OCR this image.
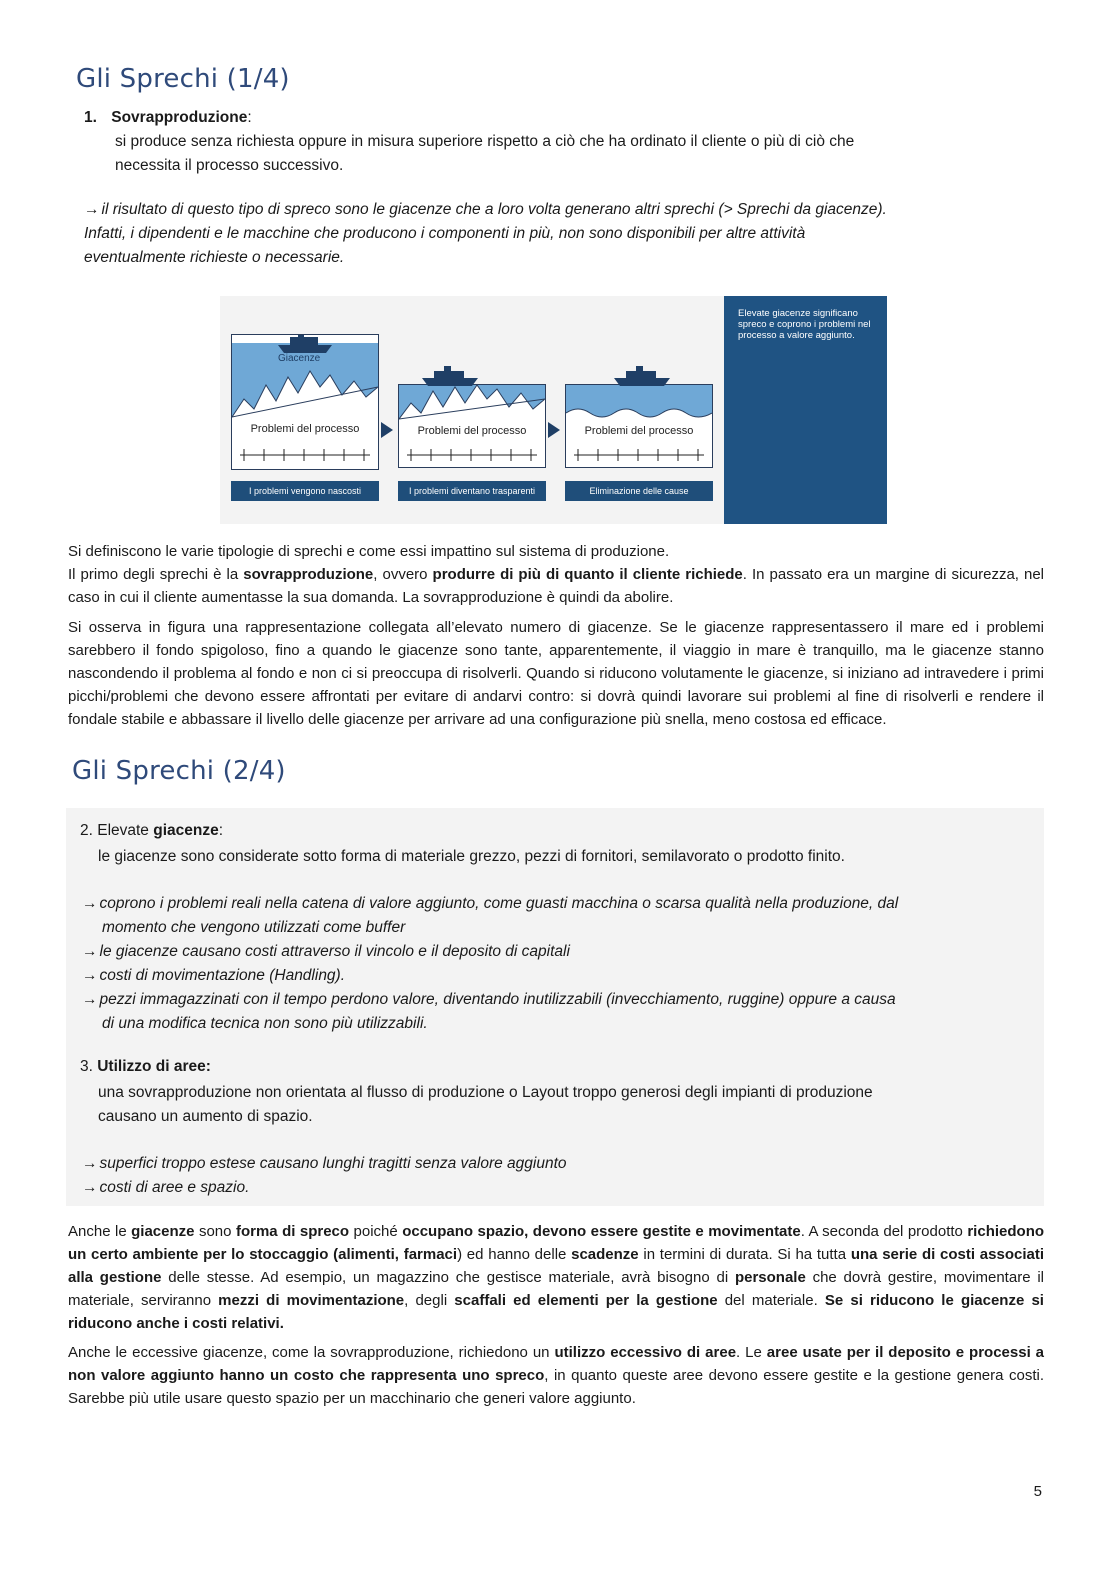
Gli Sprechi (1/4)
1. Sovrapproduzione:
si produce senza richiesta oppure in misura superiore rispetto a ciò che ha ordinato il cliente o più di ciò che
necessita il processo successivo.
→ il risultato di questo tipo di spreco sono le giacenze che a loro volta generano altri sprechi (> Sprechi da giacenze).
Infatti, i dipendenti e le macchine che producono i componenti in più, non sono disponibili per altre attività
eventualmente richieste o necessarie.
Giacenze
Problemi del processo	Problemi del processo	Problemi del processo
I problemi vengono nascosti	I problemi diventano trasparenti	Eliminazione delle cause
Elevate giacenze significano spreco e coprono i problemi nel processo a valore aggiunto.
Si definiscono le varie tipologie di sprechi e come essi impattino sul sistema di produzione.
Il primo degli sprechi è la sovrapproduzione, ovvero produrre di più di quanto il cliente richiede. In passato era un margine di sicurezza, nel caso in cui il cliente aumentasse la sua domanda. La sovrapproduzione è quindi da abolire.
Si osserva in figura una rappresentazione collegata all’elevato numero di giacenze. Se le giacenze rappresentassero il mare ed i problemi sarebbero il fondo spigoloso, fino a quando le giacenze sono tante, apparentemente, il viaggio in mare è tranquillo, ma le giacenze stanno nascondendo il problema al fondo e non ci si preoccupa di risolverli. Quando si riducono volutamente le giacenze, si iniziano ad intravedere i primi picchi/problemi che devono essere affrontati per evitare di andarvi contro: si dovrà quindi lavorare sui problemi al fine di risolverli e rendere il fondale stabile e abbassare il livello delle giacenze per arrivare ad una configurazione più snella, meno costosa ed efficace.
Gli Sprechi (2/4)
2. Elevate giacenze:
le giacenze sono considerate sotto forma di materiale grezzo, pezzi di fornitori, semilavorato o prodotto finito.
→ coprono i problemi reali nella catena di valore aggiunto, come guasti macchina o scarsa qualità nella produzione, dal
momento che vengono utilizzati come buffer
→ le giacenze causano costi attraverso il vincolo e il deposito di capitali
→ costi di movimentazione (Handling).
→ pezzi immagazzinati con il tempo perdono valore, diventando inutilizzabili (invecchiamento, ruggine) oppure a causa
di una modifica tecnica non sono più utilizzabili.
3. Utilizzo di aree:
una sovrapproduzione non orientata al flusso di produzione o Layout troppo generosi degli impianti di produzione
causano un aumento di spazio.
→ superfici troppo estese causano lunghi tragitti senza valore aggiunto
→ costi di aree e spazio.
Anche le giacenze sono forma di spreco poiché occupano spazio, devono essere gestite e movimentate. A seconda del prodotto richiedono un certo ambiente per lo stoccaggio (alimenti, farmaci) ed hanno delle scadenze in termini di durata. Si ha tutta una serie di costi associati alla gestione delle stesse. Ad esempio, un magazzino che gestisce materiale, avrà bisogno di personale che dovrà gestire, movimentare il materiale, serviranno mezzi di movimentazione, degli scaffali ed elementi per la gestione del materiale. Se si riducono le giacenze si riducono anche i costi relativi.
Anche le eccessive giacenze, come la sovrapproduzione, richiedono un utilizzo eccessivo di aree. Le aree usate per il deposito e processi a non valore aggiunto hanno un costo che rappresenta uno spreco, in quanto queste aree devono essere gestite e la gestione genera costi. Sarebbe più utile usare questo spazio per un macchinario che generi valore aggiunto.
5
